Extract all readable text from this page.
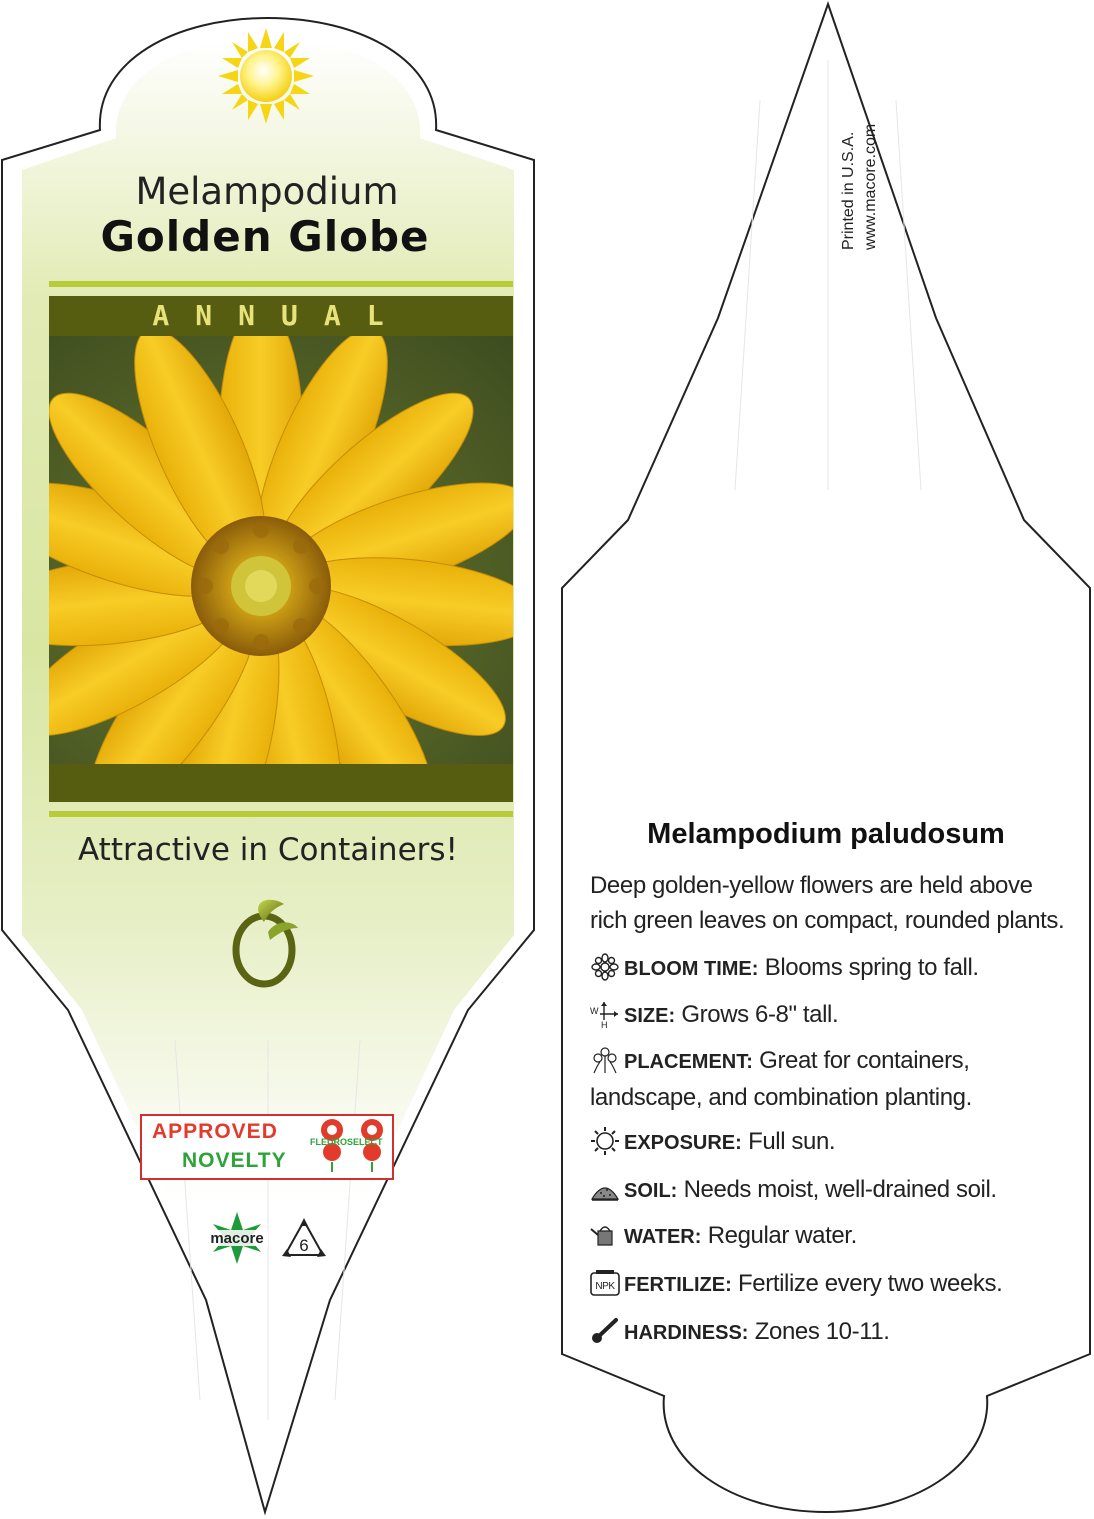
Melampodium
Golden Globe
ANNUAL
Attractive in Containers!
APPROVED
NOVELTY
FLEUROSELECT
macore 6
Printed in U.S.A. www.macore.com
Melampodium paludosum
Deep golden-yellow flowers are held above rich green leaves on compact, rounded plants.
BLOOM TIME: Blooms spring to fall.
W
H SIZE: Grows 6-8" tall.
PLACEMENT: Great for containers, landscape, and combination planting.
EXPOSURE: Full sun.
SOIL: Needs moist, well-drained soil.
WATER: Regular water.
NPK FERTILIZE: Fertilize every two weeks.
HARDINESS: Zones 10-11.
